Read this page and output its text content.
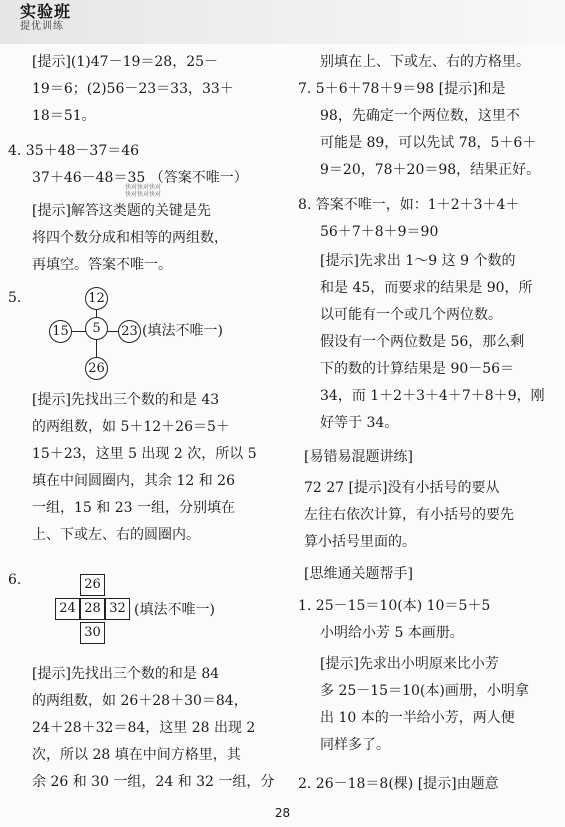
实验班
提优训练
[提示](1)47－19＝28，25－
19＝6；(2)56－23＝33，33＋
18＝51。
4. 35＋48－37＝46
37＋46－48＝35 （答案不唯一）
[提示]解答这类题的关键是先
将四个数分成和相等的两组数，
再填空。答案不唯一。
5.
[提示]先找出三个数的和是 43
的两组数，如 5＋12＋26＝5＋
15＋23，这里 5 出现 2 次，所以 5
填在中间圆圈内，其余 12 和 26
一组，15 和 23 一组，分别填在
上、下或左、右的圆圈内。
6.
[提示]先找出三个数的和是 84
的两组数，如 26＋28＋30＝84，
24＋28＋32＝84，这里 28 出现 2
次，所以 28 填在中间方格里，其
余 26 和 30 一组，24 和 32 一组，分
别填在上、下或左、右的方格里。
7. 5＋6＋78＋9＝98 [提示]和是
98，先确定一个两位数，这里不
可能是 89，可以先试 78，5＋6＋
9＝20，78＋20＝98，结果正好。
8. 答案不唯一，如：1＋2＋3＋4＋
56＋7＋8＋9＝90
[提示]先求出 1～9 这 9 个数的
和是 45，而要求的结果是 90，所
以可能有一个或几个两位数。
假设有一个两位数是 56，那么剩
下的数的计算结果是 90－56＝
34，而 1＋2＋3＋4＋7＋8＋9，刚
好等于 34。
[易错易混题讲练]
72 27 [提示]没有小括号的要从
左往右依次计算，有小括号的要先
算小括号里面的。
[思维通关题帮手]
1. 25－15＝10(本) 10＝5＋5
小明给小芳 5 本画册。
[提示]先求出小明原来比小芳
多 25－15＝10(本)画册，小明拿
出 10 本的一半给小芳，两人便
同样多了。
2. 26－18＝8(棵) [提示]由题意
5
12
15	23
26
(填法不唯一)
26
24 28 32
30
(填法不唯一)
快对快对快对
快对快对快对
28
